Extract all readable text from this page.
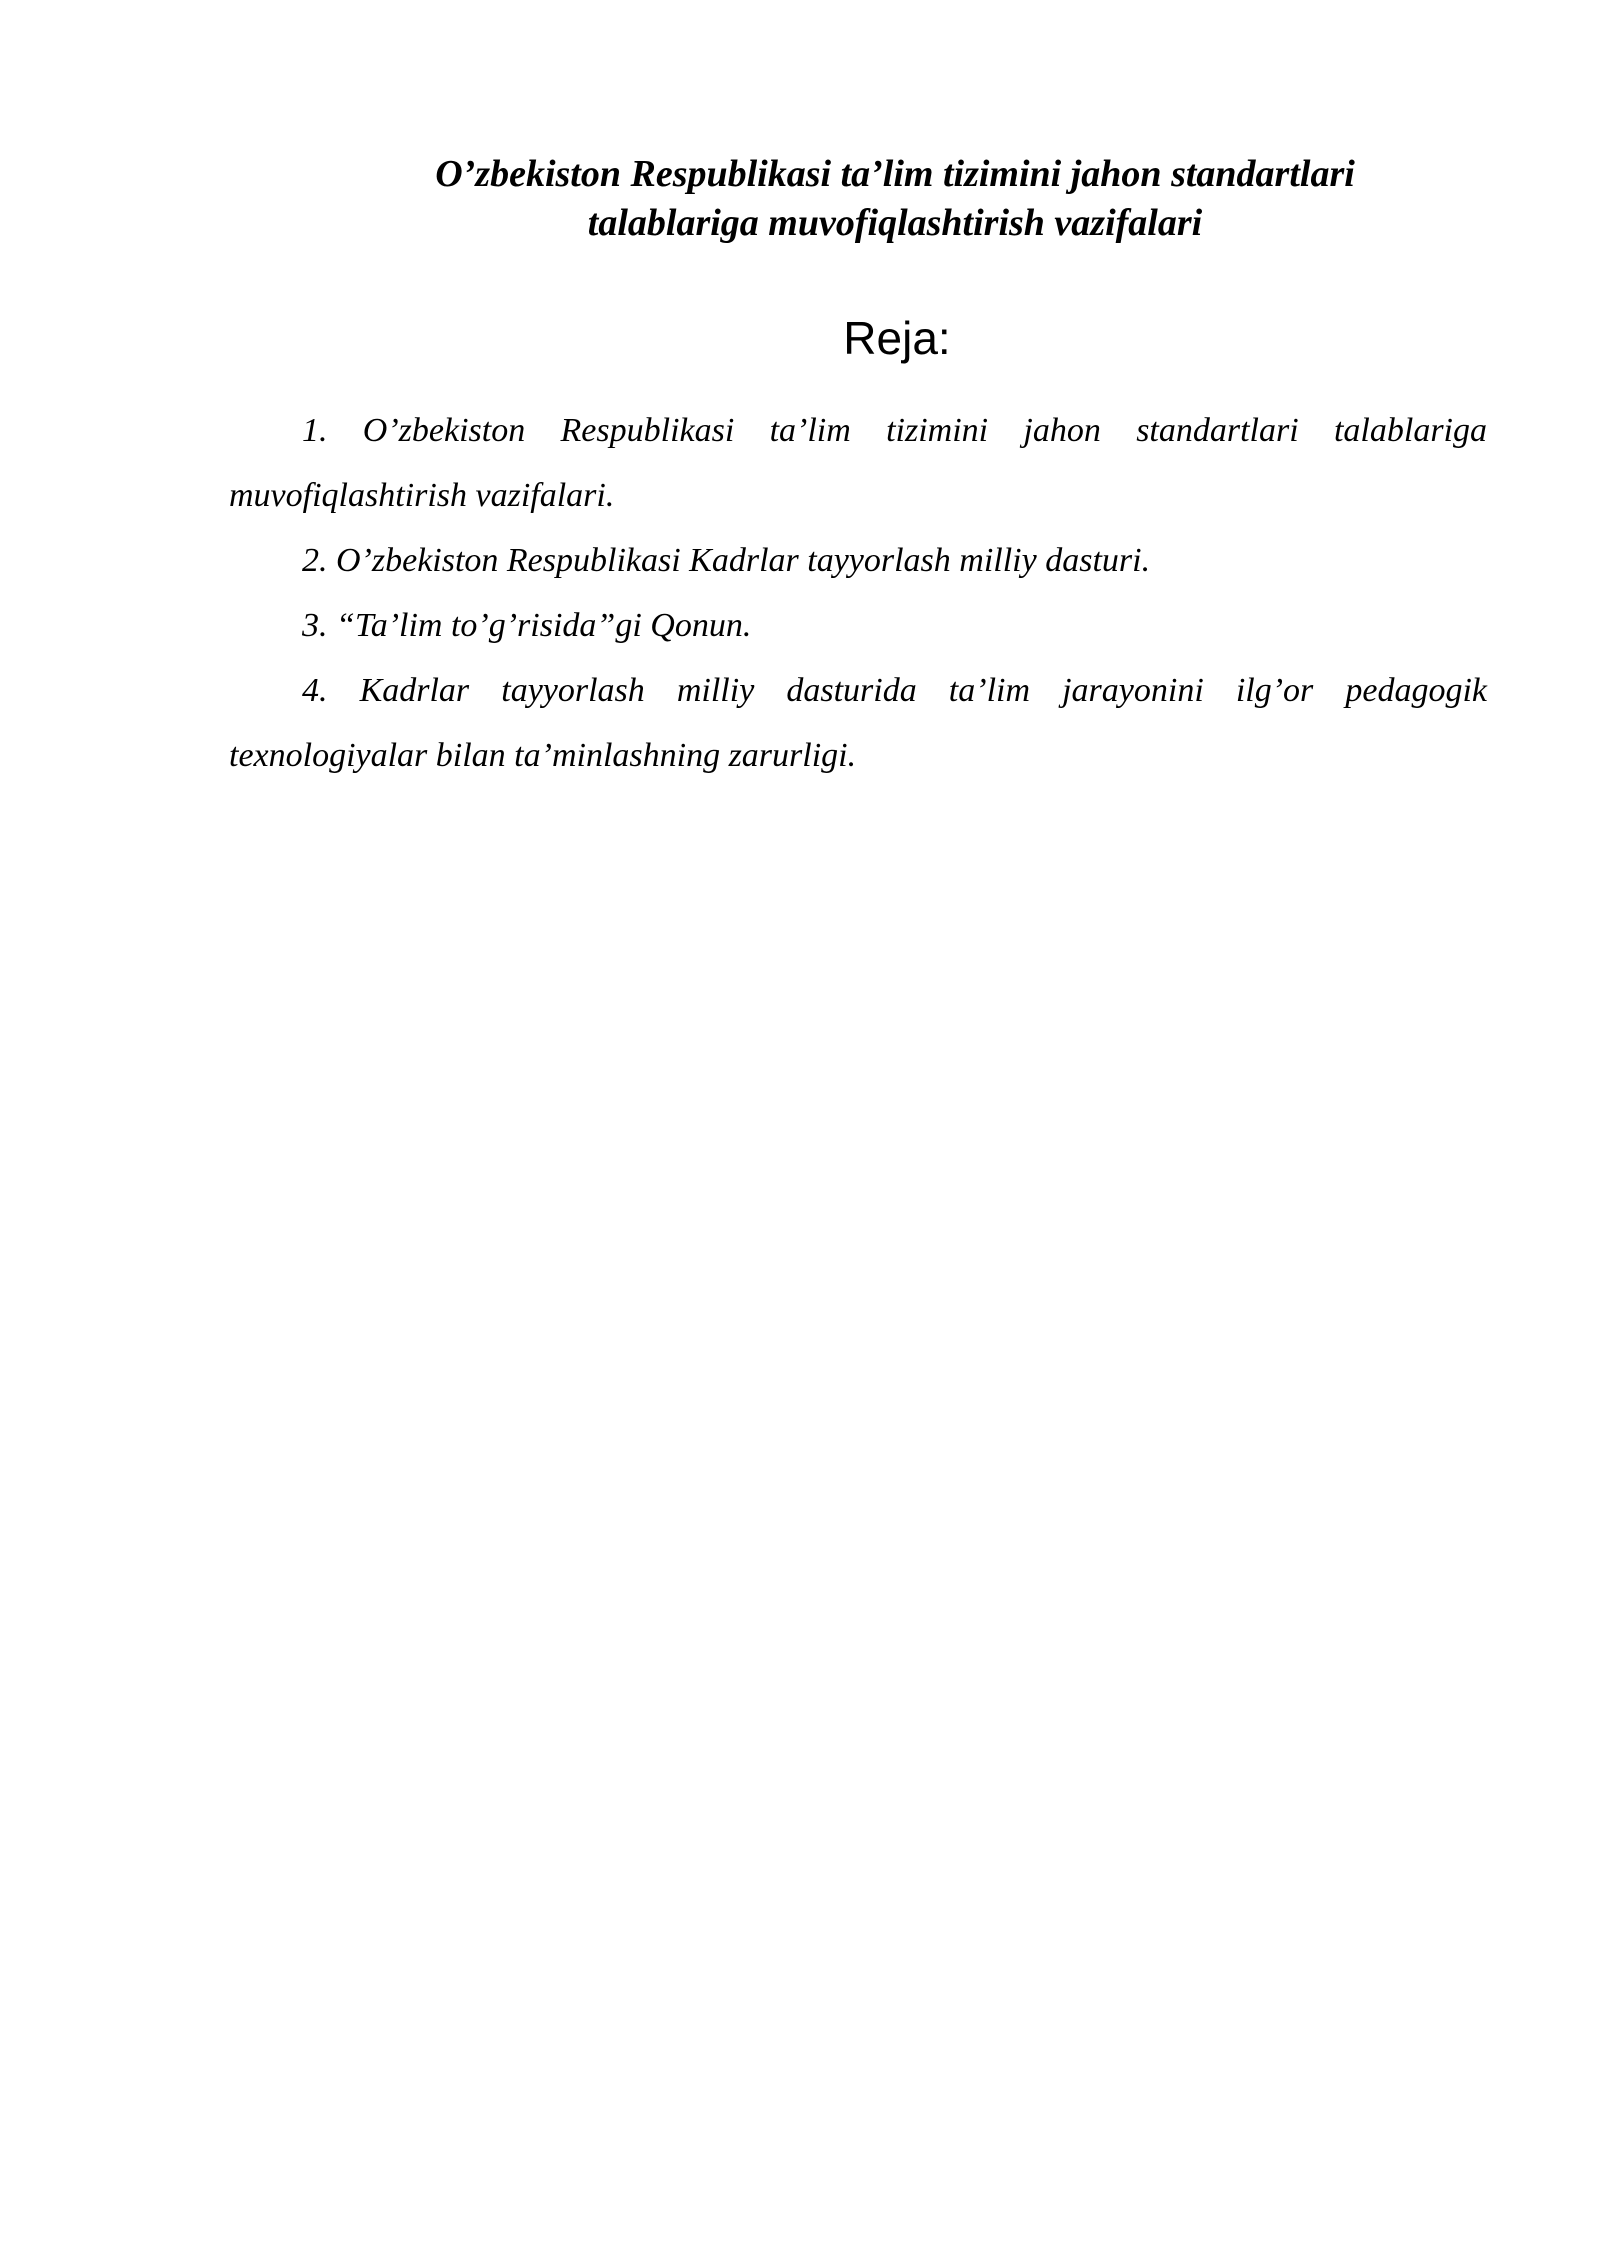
O’zbekiston Respublikasi ta’lim tizimini jahon standartlari
talablariga muvofiqlashtirish vazifalari
Reja:
1. O’zbekiston Respublikasi ta’lim tizimini jahon standartlari talablariga muvofiqlashtirish vazifalari.
2. O’zbekiston Respublikasi Kadrlar tayyorlash milliy dasturi.
3. “Ta’lim to’g’risida”gi Qonun.
4. Kadrlar tayyorlash milliy dasturida ta’lim jarayonini ilg’or pedagogik texnologiyalar bilan ta’minlashning zarurligi.
